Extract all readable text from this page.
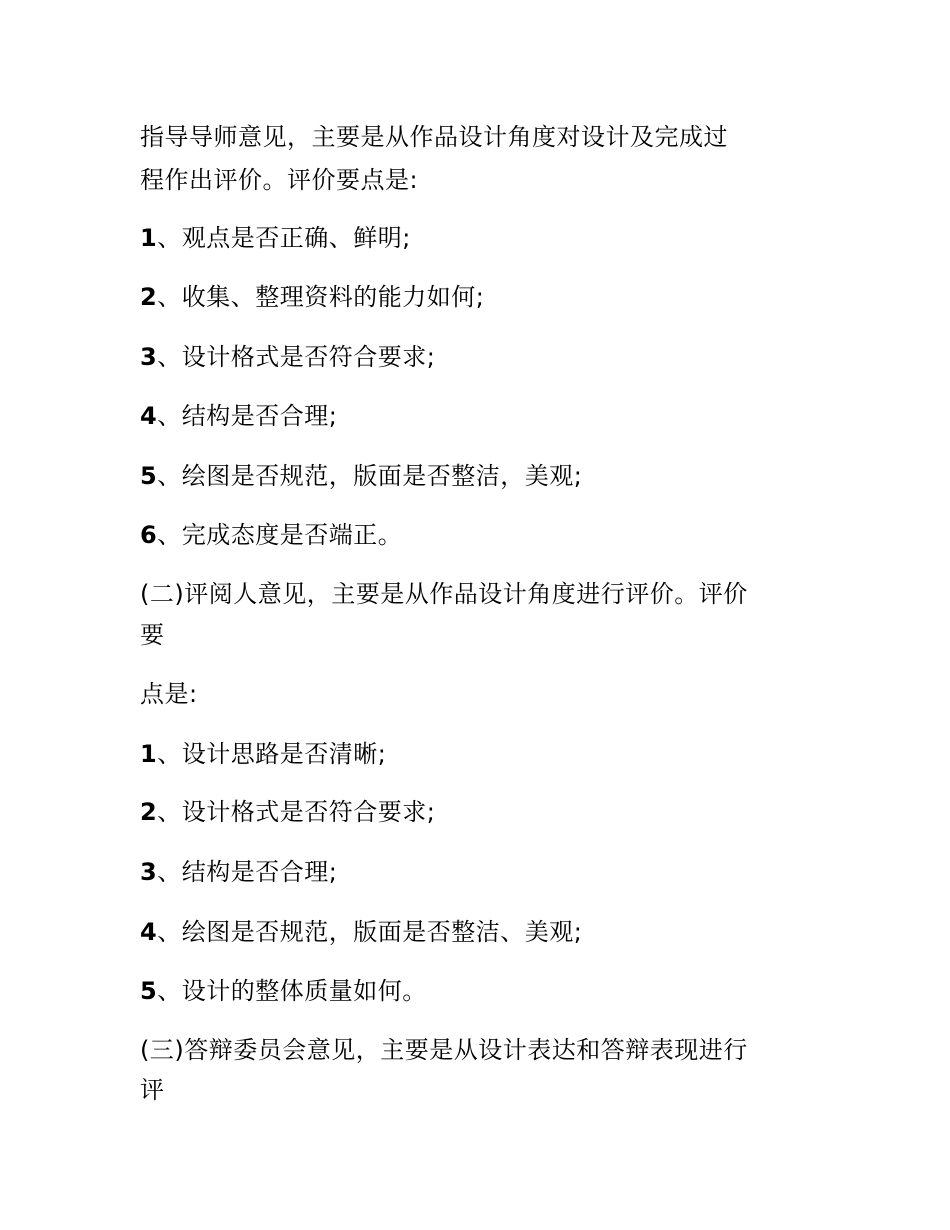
指导导师意见，主要是从作品设计角度对设计及完成过
程作出评价。评价要点是:
1、观点是否正确、鲜明;
2、收集、整理资料的能力如何;
3、设计格式是否符合要求;
4、结构是否合理;
5、绘图是否规范，版面是否整洁，美观;
6、完成态度是否端正。
(二)评阅人意见，主要是从作品设计角度进行评价。评价
要
点是:
1、设计思路是否清晰;
2、设计格式是否符合要求;
3、结构是否合理;
4、绘图是否规范，版面是否整洁、美观;
5、设计的整体质量如何。
(三)答辩委员会意见，主要是从设计表达和答辩表现进行
评
